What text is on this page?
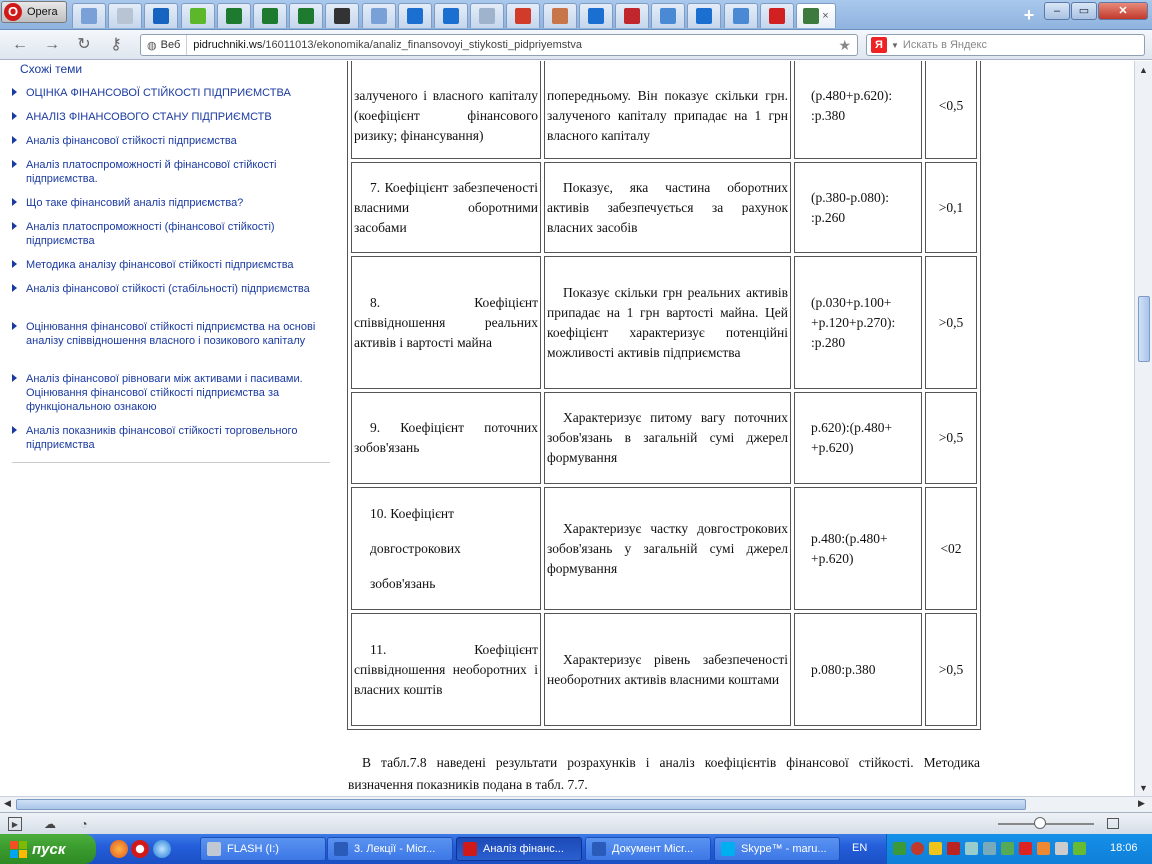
O Opera	×	+	–	▭	✕
← → ↻ ⚷	◍ Веб	pidruchniki.ws/16011013/ekonomika/analiz_finansovoyi_stiykosti_pidpriyemstva	★	Я	▼ Искать в Яндекс
Схожі теми
ОЦІНКА ФІНАНСОВОЇ СТІЙКОСТІ ПІДПРИЄМСТВА
АНАЛІЗ ФІНАНСОВОГО СТАНУ ПІДПРИЄМСТВ
Аналіз фінансової стійкості підприємства
Аналіз платоспроможності й фінансової стійкості підприємства.
Що таке фінансовий аналіз підприємства?
Аналіз платоспроможності (фінансової стійкості) підприємства
Методика аналізу фінансової стійкості підприємства
Аналіз фінансової стійкості (стабільності) підприємства
Оцінювання фінансової стійкості підприємства на основі аналізу співвідношення власного і позикового капіталу
Аналіз фінансової рівноваги між активами і пасивами. Оцінювання фінансової стійкості підприємства за функціональною ознакою
Аналіз показників фінансової стійкості торговельного підприємства
залученого і власного капіталу (коефіцієнт фінансового ризику; фінансування)	попередньому. Він показує скільки грн. залученого капіталу припадає на 1 грн власного капіталу	(р.480+р.620): :р.380	<0,5
7. Коефіцієнт забезпеченості власними оборотними засобами	Показує, яка частина оборотних активів забезпечується за рахунок власних засобів	(р.380-р.080): :р.260	>0,1
8. Коефіцієнт співвідношення реальних активів і вартості майна	Показує скільки грн реальних активів припадає на 1 грн вартості майна. Цей коефіцієнт характеризує потенційні можливості активів підприємства	(р.030+р.100+ +р.120+р.270): :р.280	>0,5
9. Коефіцієнт поточних зобов'язань	Характеризує питому вагу поточних зобов'язань в загальній сумі джерел формування	р.620):(р.480+ +р.620)	>0,5

10. Коефіцієнт
довгострокових
зобов'язань	Характеризує частку довгострокових зобов'язань у загальній сумі джерел формування	р.480:(р.480+ +р.620)	<02
11. Коефіцієнт співвідношення необоротних і власних коштів	Характеризує рівень забезпеченості необоротних активів власними коштами	р.080:р.380	>0,5
В табл.7.8 наведені результати розрахунків і аналіз коефіцієнтів фінансової стійкості. Методика визначення показників подана в табл. 7.7.
▲
▼
◀	▶
▶	☁ ◔
пуск	FLASH (I:)	3. Лекції - Micr...	Аналіз фінанс...	Документ Micr...	Skype™ - maru... EN	18:06
